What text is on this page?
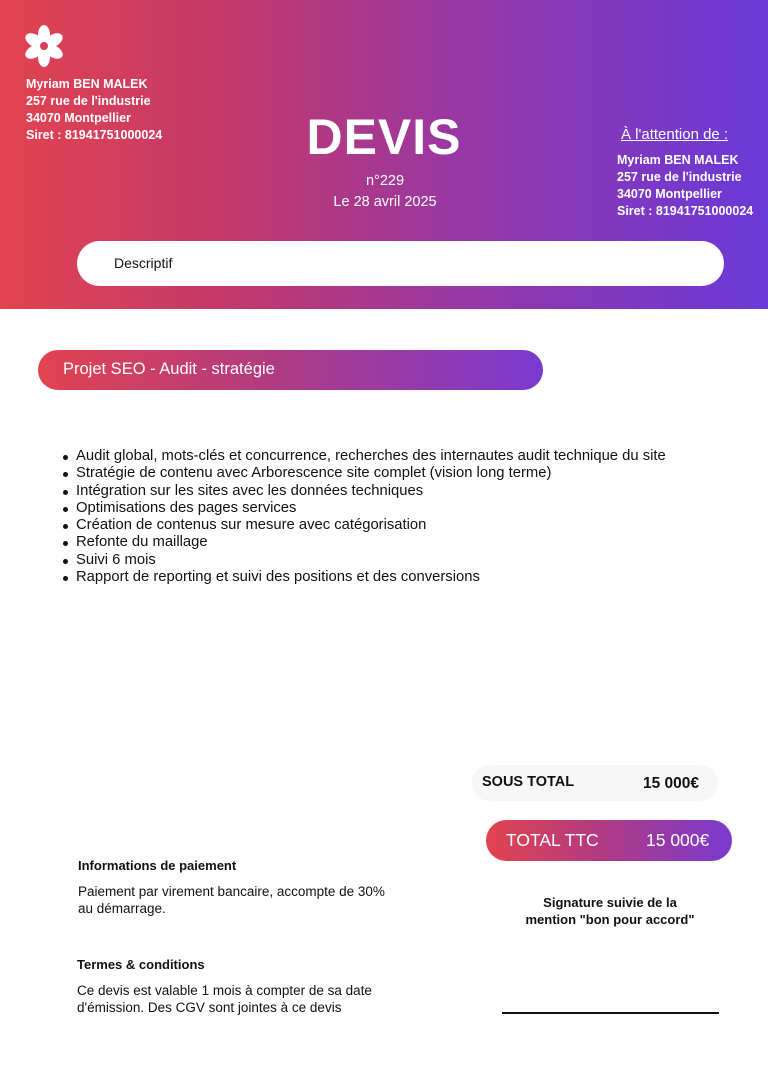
Myriam BEN MALEK
257 rue de l'industrie
34070 Montpellier
Siret : 81941751000024	DEVIS
n°229
Le 28 avril 2025
À l'attention de :
Myriam BEN MALEK
257 rue de l'industrie
34070 Montpellier
Siret : 81941751000024
Descriptif
Projet SEO - Audit - stratégie
Audit global, mots-clés et concurrence, recherches des internautes audit technique du site
Stratégie de contenu avec Arborescence site complet (vision long terme)
Intégration sur les sites avec les données techniques
Optimisations des pages services
Création de contenus sur mesure avec catégorisation
Refonte du maillage
Suivi 6 mois
Rapport de reporting et suivi des positions et des conversions
SOUS TOTAL	15 000€
TOTAL TTC	15 000€
Informations de paiement
Paiement par virement bancaire, accompte de 30% au démarrage.
Termes & conditions
Ce devis est valable 1 mois à compter de sa date d'émission. Des CGV sont jointes à ce devis
Signature suivie de la
mention "bon pour accord"
